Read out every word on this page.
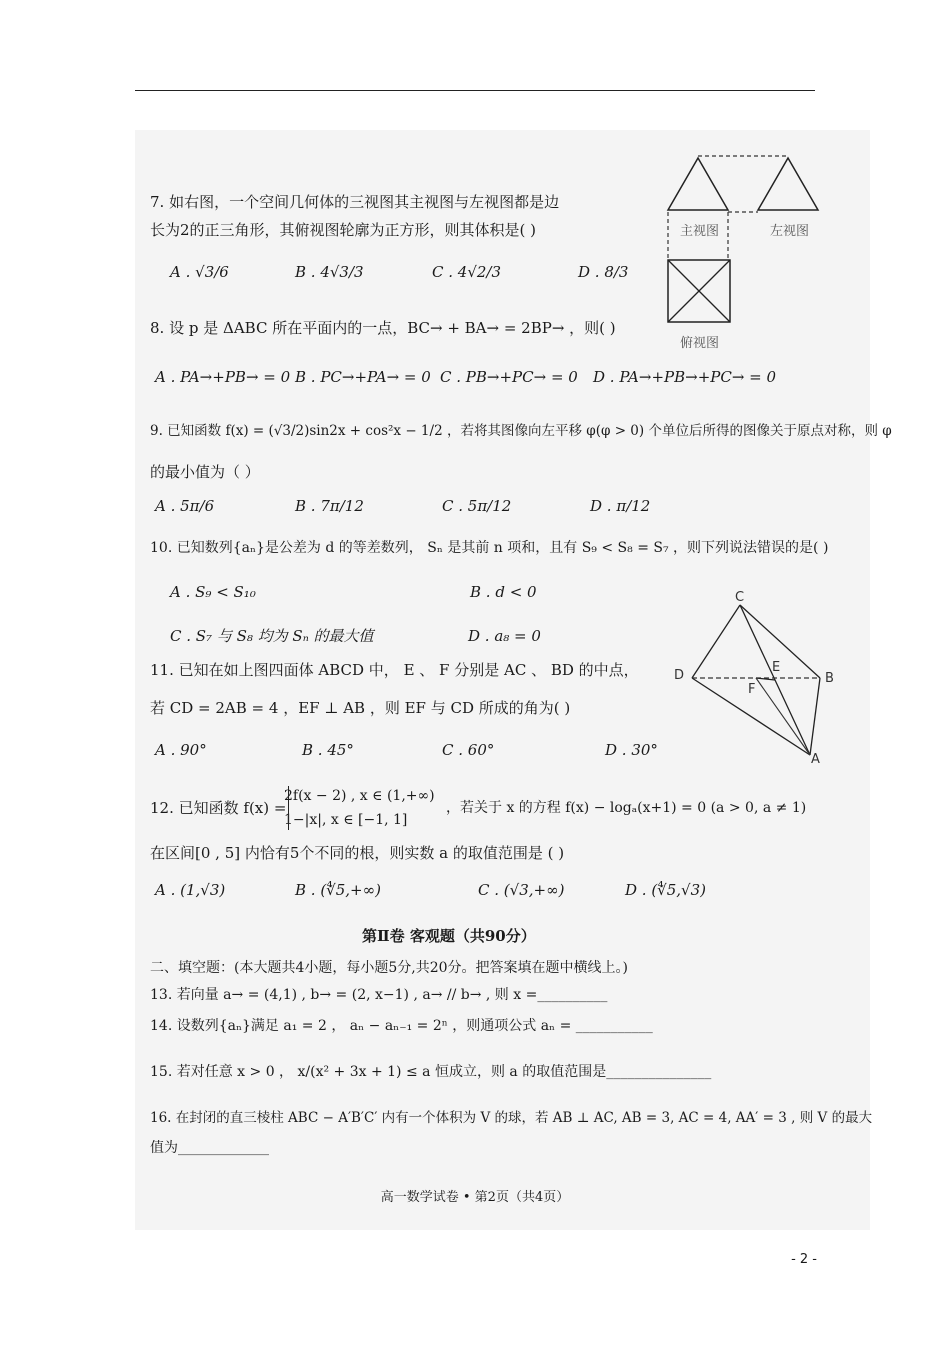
7. 如右图，一个空间几何体的三视图其主视图与左视图都是边
长为2的正三角形，其俯视图轮廓为正方形，则其体积是( )
A . √3/6	B . 4√3/3	C . 4√2/3	D . 8/3
主视图	左视图
俯视图
8. 设 p 是 ΔABC 所在平面内的一点，BC→ + BA→ = 2BP→ ，则( )
A . PA→+PB→ = 0 B . PC→+PA→ = 0 C . PB→+PC→ = 0 D . PA→+PB→+PC→ = 0
9. 已知函数 f(x) = (√3/2)sin2x + cos²x − 1/2 ，若将其图像向左平移 φ(φ > 0) 个单位后所得的图像关于原点对称，则 φ
的最小值为（ ）
A . 5π/6	B . 7π/12	C . 5π/12	D . π/12
10. 已知数列{aₙ}是公差为 d 的等差数列， Sₙ 是其前 n 项和，且有 S₉ < S₈ = S₇ ，则下列说法错误的是( )
A . S₉ < S₁₀	B . d < 0
C . S₇ 与 S₈ 均为 Sₙ 的最大值	D . a₈ = 0
C
D	B
A
E
F
11. 已知在如上图四面体 ABCD 中， E 、 F 分别是 AC 、 BD 的中点，
若 CD = 2AB = 4 ，EF ⊥ AB ，则 EF 与 CD 所成的角为( )
A . 90°	B . 45°	C . 60°	D . 30°
12. 已知函数 f(x) =
2f(x − 2) , x ∈ (1,+∞)
1−|x|, x ∈ [−1, 1]
，若关于 x 的方程 f(x) − logₐ(x+1) = 0 (a > 0, a ≠ 1)
在区间[0 , 5] 内恰有5个不同的根，则实数 a 的取值范围是 ( )
A . (1,√3)	B . (∜5,+∞)	C . (√3,+∞)	D . (∜5,√3)
第Ⅱ卷 客观题（共90分）
二、填空题：(本大题共4小题，每小题5分,共20分。把答案填在题中横线上。)
13. 若向量 a→ = (4,1) , b→ = (2, x−1) , a→ // b→ , 则 x =__________
14. 设数列{aₙ}满足 a₁ = 2 ， aₙ − aₙ₋₁ = 2ⁿ ，则通项公式 aₙ = ___________
15. 若对任意 x > 0 ， x/(x² + 3x + 1) ≤ a 恒成立，则 a 的取值范围是_______________
16. 在封闭的直三棱柱 ABC − A′B′C′ 内有一个体积为 V 的球，若 AB ⊥ AC, AB = 3, AC = 4, AA′ = 3 , 则 V 的最大
值为_____________
高一数学试卷 • 第2页（共4页）
- 2 -
